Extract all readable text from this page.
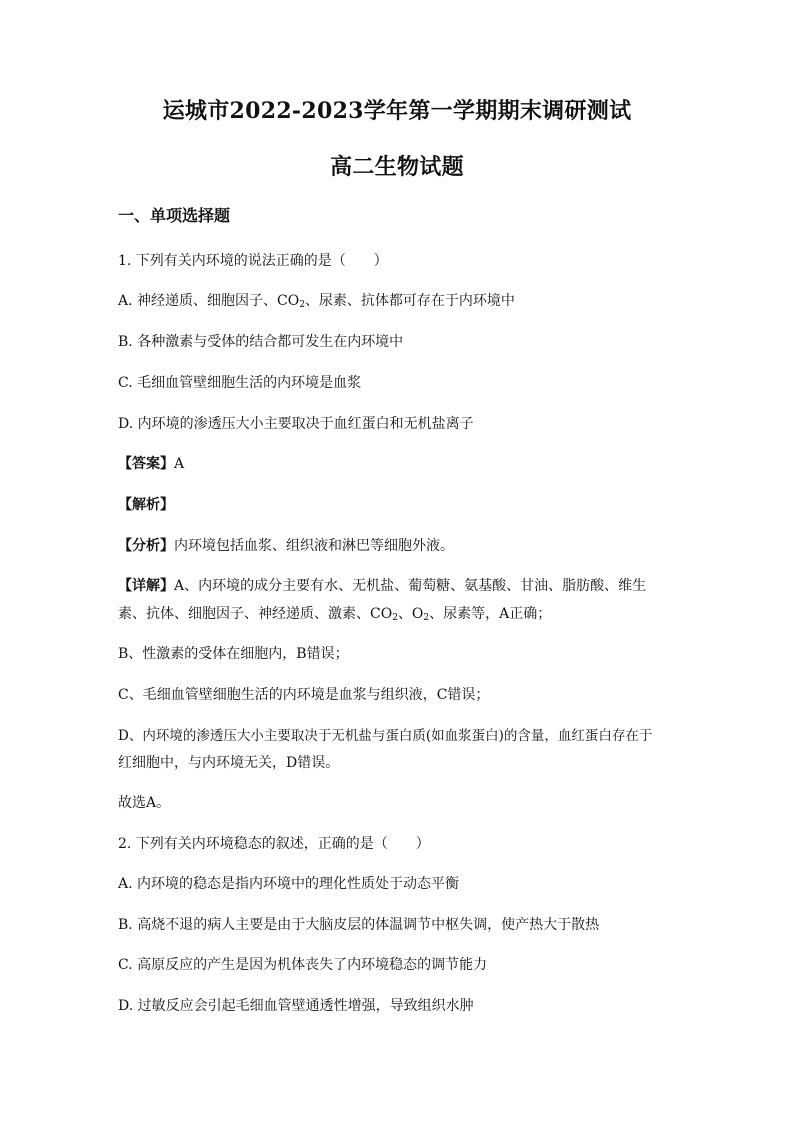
运城市2022-2023学年第一学期期末调研测试
高二生物试题
一、单项选择题
1. 下列有关内环境的说法正确的是（　　）
A. 神经递质、细胞因子、$CO_2$、尿素、抗体都可存在于内环境中
B. 各种激素与受体的结合都可发生在内环境中
C. 毛细血管壁细胞生活的内环境是血浆
D. 内环境的渗透压大小主要取决于血红蛋白和无机盐离子
【答案】A
【解析】
【分析】内环境包括血浆、组织液和淋巴等细胞外液。
【详解】A、内环境的成分主要有水、无机盐、葡萄糖、氨基酸、甘油、脂肪酸、维生
素、抗体、细胞因子、神经递质、激素、$CO_2$、$O_2$、尿素等，A正确；
B、性激素的受体在细胞内，B错误；
C、毛细血管壁细胞生活的内环境是血浆与组织液，C错误；
D、内环境的渗透压大小主要取决于无机盐与蛋白质(如血浆蛋白)的含量，血红蛋白存在于
红细胞中，与内环境无关，D错误。
故选A。
2. 下列有关内环境稳态的叙述，正确的是（　　）
A. 内环境的稳态是指内环境中的理化性质处于动态平衡
B. 高烧不退的病人主要是由于大脑皮层的体温调节中枢失调，使产热大于散热
C. 高原反应的产生是因为机体丧失了内环境稳态的调节能力
D. 过敏反应会引起毛细血管壁通透性增强，导致组织水肿
